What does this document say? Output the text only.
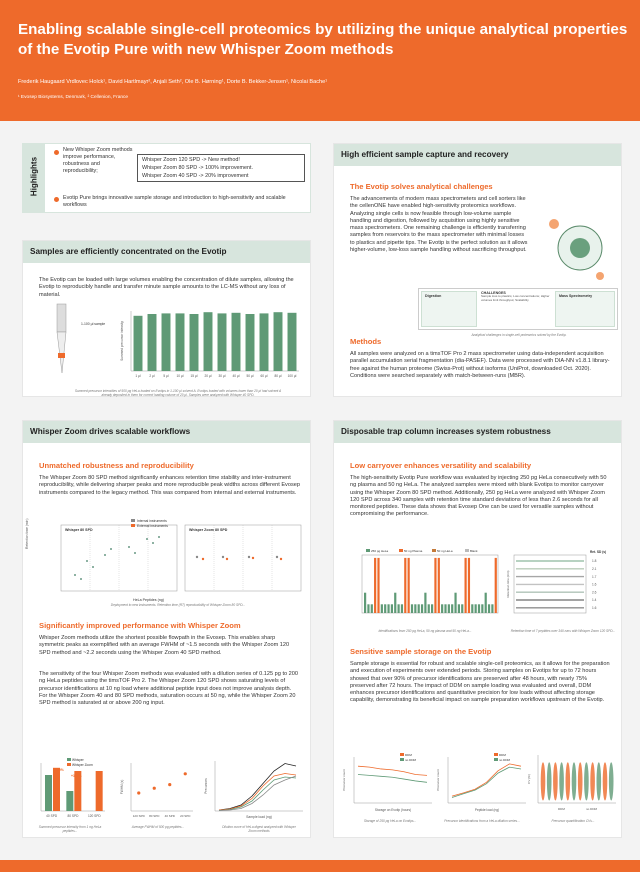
Enabling scalable single-cell proteomics by utilizing the unique analytical properties of the Evotip Pure with new Whisper Zoom methods
Frederik Haugaard Vrdlovec Holck¹, David Hartlmayr², Anjali Seth², Ole B. Hørning¹, Dorte B. Bekker-Jensen¹, Nicolai Bache¹
¹ Evosep Biosystems, Denmark, ² Cellenion, France
Highlights
New Whisper Zoom methods improve performance, robustness and reproducibility;
Whisper Zoom 120 SPD -> New method!
Whisper Zoom 80 SPD -> 100% improvement.
Whisper Zoom 40 SPD -> 20% improvement
Evotip Pure brings innovative sample storage and introduction to high-sensitivity and scalable workflows
Samples are efficiently concentrated on the Evotip
The Evotip can be loaded with large volumes enabling the concentration of dilute samples, allowing the Evotip to reproducibly handle and transfer minute sample amounts to the LC-MS without any loss of material.
1-100 µl sample
1 µl	2 µl	5 µl 10 µl 15 µl 20 µl 30 µl 40 µl 50 µl 60 µl 80 µl 100 µl
Summed precursor intensity
Summed precursor intensities of 500 pg HeLa loaded on Evotips in 1-100 µl solvent A. Evotips loaded with volumes lower than 20 µl had solvent A already deposited in them for correct loading volume of 20 µl. Samples were analyzed with Whisper 40 SPD.
High efficient sample capture and recovery
The Evotip solves analytical challenges
The advancements of modern mass spectrometers and cell sorters like the cellenONE have enabled high-sensitivity proteomics workflows. Analyzing single cells is now feasible through low-volume sample handling and digestion, followed by acquisition using highly sensitive mass spectrometers. One remaining challenge is efficiently transferring samples from reservoirs to the mass spectrometer with minimal losses to plastics and pipette tips. The Evotip is the perfect solution as it allows higher-volume, low-loss sample handling without sacrificing throughput.
Digestion
CHALLENGES
Sample loss to plastics; Low concentrations; Higher volumes limit throughput; Scalability
Mass Spectrometry
Analytical challenges in single-cell proteomics solved by the Evotip.
Methods
All samples were analyzed on a timsTOF Pro 2 mass spectrometer using data-independent acquisition parallel accumulation serial fragmentation (dia-PASEF). Data were processed with DIA-NN v1.8.1 library-free against the human proteome (Swiss-Prot) without isoforms (UniProt, downloaded Oct. 2020). Conditions were searched separately with match-between-runs (MBR).
Whisper Zoom drives scalable workflows
Unmatched robustness and reproducibility
The Whisper Zoom 80 SPD method significantly enhances retention time stability and inter-instrument reproducibility, while delivering sharper peaks and more reproducible peak widths across different Evosep instruments compared to the legacy method. This was compared from internal and external instruments.
Retention time (min)	Whisper 80 SPD	Whisper Zoom 80 SPD
Internal instruments
External instruments
HeLa Peptides (ng)
Deployment to new instruments. Retention time (RT) reproducibility of Whisper Zoom 80 SPD...
Significantly improved performance with Whisper Zoom
Whisper Zoom methods utilize the shortest possible flowpath in the Evosep. This enables sharp symmetric peaks as exemplified with an average FWHM of ~1.5 seconds with the Whisper Zoom 120 SPD method and ~2.2 seconds using the Whisper Zoom 40 SPD method.
The sensitivity of the four Whisper Zoom methods was evaluated with a dilution series of 0.125 pg to 200 ng HeLa peptides using the timsTOF Pro 2. The Whisper Zoom 120 SPD shows saturating levels of precursor identifications at 10 ng load where additional peptide input does not improve analysis depth. For the Whisper Zoom 40 and 80 SPD methods, saturation occurs at 50 ng, while the Whisper Zoom 20 SPD method is saturated at or above 200 ng input.
40 SPD	80 SPD	120 SPD
Whisper
Whisper Zoom
+20%
+100%
FWHM (s)
120 SPD 80 SPD 40 SPD 20 SPD	Sample load (ng)
Precursors
Summed precursor intensity from 1 ng HeLa peptides...
Average FWHM of 500 pg peptides...	Dilution curve of HeLa digest analyzed with Whisper Zoom methods
Disposable trap column increases system robustness
Low carryover enhances versatility and scalability
The high-sensitivity Evotip Pure workflow was evaluated by injecting 250 pg HeLa consecutively with 50 ng plasma and 50 ng HeLa. The analyzed samples were mixed with blank Evotips to monitor carryover using the Whisper Zoom 80 SPD method. Additionally, 250 pg HeLa were analyzed with Whisper Zoom 120 SPD across 340 samples with retention time standard deviations of less than 2.6 seconds for all monitored peptides. These data shows that Evosep One can be used for versatile samples without compromising the performance.
250 pg HeLa	50 ng Plasma	50 ng HeLa	Blank	Ret. SD (s)
Retention time (min)
1.8
2.1
1.7
1.6
2.6
1.4
1.6
Identifications from 250 pg HeLa, 50 ng plasma and 50 ng HeLa...	Retention time of 7 peptides over 340 runs with Whisper Zoom 120 SPD...
Sensitive sample storage on the Evotip
Sample storage is essential for robust and scalable single-cell proteomics, as it allows for the preparation and execution of experiments over extended periods. Storing samples on Evotips for up to 72 hours showed that over 90% of precursor identifications are preserved after 48 hours, with nearly 75% preserved after 72 hours. The impact of DDM on sample loading was evaluated and overall, DDM enhances precursor identifications and quantitative precision for low loads without affecting storage capability, demonstrating its beneficial impact on sample preparation workflows upstream of the Evotip.
DDM
no DDM
Storage on Evotip (hours)
Precursor count
DDM
no DDM
Peptide load (ng)
Precursor count	CV (%)
DDM	no DDM
Storage of 250 pg HeLa on Evotips...	Precursor identifications from a HeLa dilution series...	Precursor quantification CVs...
